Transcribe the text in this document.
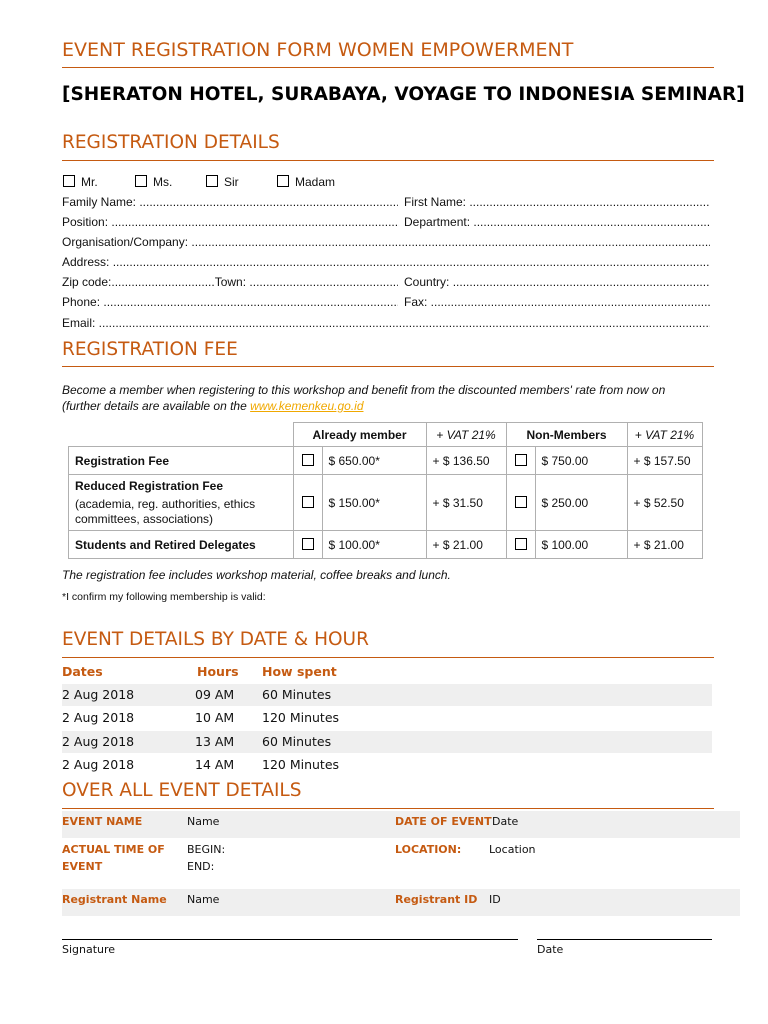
EVENT REGISTRATION FORM WOMEN EMPOWERMENT
[SHERATON HOTEL, SURABAYA, VOYAGE TO INDONESIA SEMINAR]
REGISTRATION DETAILS
Mr.	Ms.	Sir	Madam
Family Name: .....	First Name: .....
Position: .....	Department: .....
Organisation/Company: .....
Address: .....
Zip code:...............................Town: .....	Country: .....
Phone: .....	Fax: .....
Email: .....
REGISTRATION FEE
Become a member when registering to this workshop and benefit from the discounted members' rate from now on
(further details are available on the www.kemenkeu.go.id
	Already member		+ VAT 21%	Non-Members		+ VAT 21%
Registration Fee		$ 650.00*	+ $ 136.50		$ 750.00	+ $ 157.50

Reduced Registration Fee
(academia, reg. authorities, ethics committees, associations)		$ 150.00*	+ $ 31.50		$ 250.00	+ $ 52.50
Students and Retired Delegates		$ 100.00*	+ $ 21.00		$ 100.00	+ $ 21.00
The registration fee includes workshop material, coffee breaks and lunch.
*I confirm my following membership is valid:
EVENT DETAILS BY DATE & HOUR
Dates	Hours How spent
2 Aug 2018	09 AM 60 Minutes
2 Aug 2018	10 AM 120 Minutes
2 Aug 2018	13 AM 60 Minutes
2 Aug 2018	14 AM 120 Minutes
OVER ALL EVENT DETAILS
EVENT NAME	Name	DATE OF EVENT Date
ACTUAL TIME OF EVENT
BEGIN:
END:
LOCATION:	Location
Registrant Name Name	Registrant ID ID
Signature	Date
